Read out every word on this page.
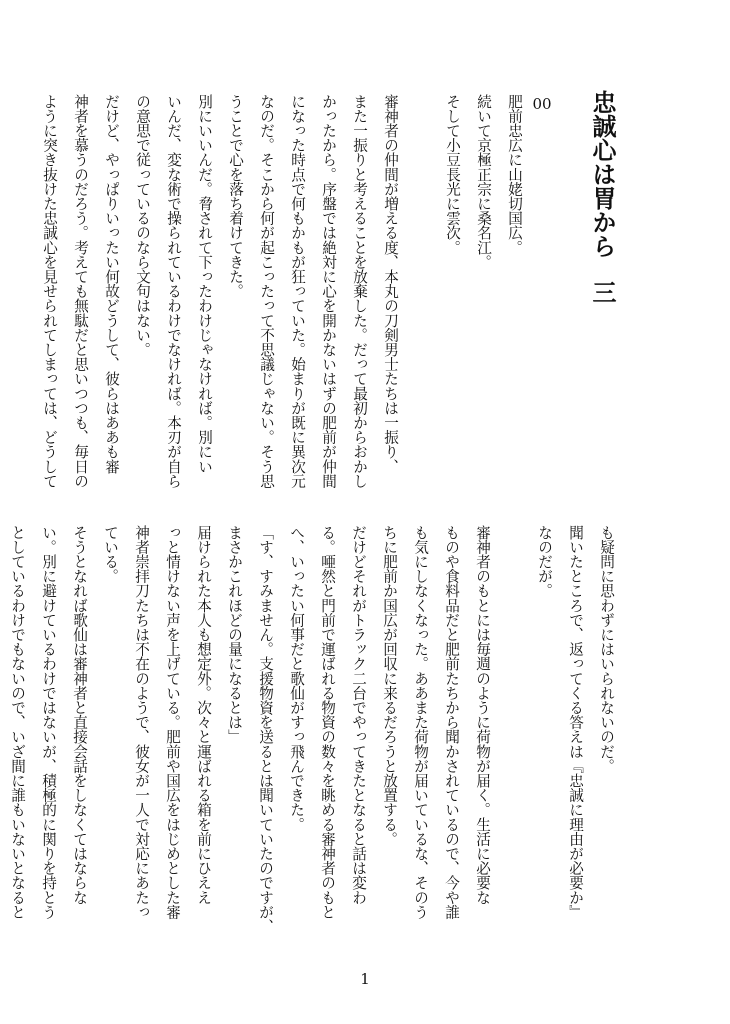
忠誠心は胃から三
00
肥前忠広に山姥切国広。
続いて京極正宗に桑名江。
そして小豆長光に雲次。

審神者の仲間が増える度、本丸の刀剣男士たちは一振り、
また一振りと考えることを放棄した。だって最初からおかし
かったから。序盤では絶対に心を開かないはずの肥前が仲間
になった時点で何もかもが狂っていた。始まりが既に異次元
なのだ。そこから何が起こったって不思議じゃない。そう思
うことで心を落ち着けてきた。
別にいいんだ。脅されて下ったわけじゃなければ。別にい
いんだ、変な術で操られているわけでなければ。本刃が自ら
の意思で従っているのなら文句はない。
だけど、やっぱりいったい何故どうして、彼らはああも審
神者を慕うのだろう。考えても無駄だと思いつつも、毎日の
ように突き抜けた忠誠心を見せられてしまっては、どうして
も疑問に思わずにはいられないのだ。
聞いたところで、返ってくる答えは『忠誠に理由が必要か』
なのだが。

審神者のもとには毎週のように荷物が届く。生活に必要な
ものや食料品だと肥前たちから聞かされているので、今や誰
も気にしなくなった。ああまた荷物が届いているな、そのう
ちに肥前か国広が回収に来るだろうと放置する。
だけどそれがトラック二台でやってきたとなると話は変わ
る。唖然と門前で運ばれる物資の数々を眺める審神者のもと
へ、いったい何事だと歌仙がすっ飛んできた。
「す、すみません。支援物資を送るとは聞いていたのですが、
まさかこれほどの量になるとは」
届けられた本人も想定外。次々と運ばれる箱を前にひええ
っと情けない声を上げている。肥前や国広をはじめとした審
神者崇拝刀たちは不在のようで、彼女が一人で対応にあたっ
ている。
そうとなれば歌仙は審神者と直接会話をしなくてはならな
い。別に避けているわけではないが、積極的に関りを持とう
としているわけでもないので、いざ間に誰もいないとなると
1
